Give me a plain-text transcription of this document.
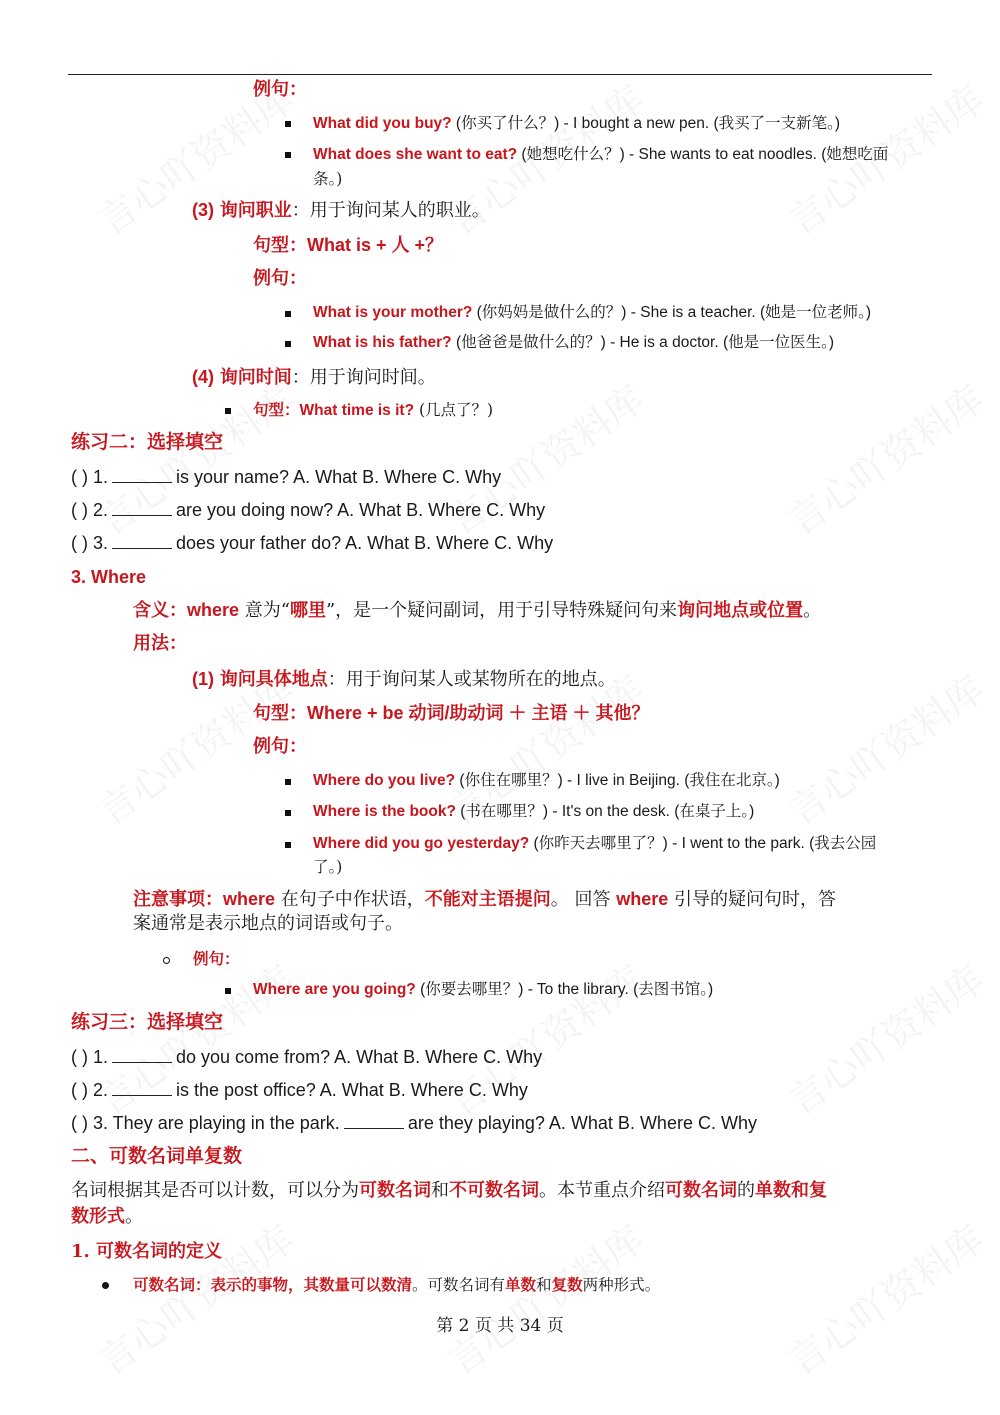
例句：
What did you buy? (你买了什么？) - I bought a new pen. (我买了一支新笔。)
What does she want to eat? (她想吃什么？) - She wants to eat noodles. (她想吃面
条。)
(3) 询问职业：用于询问某人的职业。
句型：What is + 人 +？
例句：
What is your mother? (你妈妈是做什么的？) - She is a teacher. (她是一位老师。)
What is his father? (他爸爸是做什么的？) - He is a doctor. (他是一位医生。)
(4) 询问时间：用于询问时间。
句型：What time is it? (几点了？)
练习二：选择填空
( ) 1.	is your name? A. What B. Where C. Why
( ) 2.	are you doing now? A. What B. Where C. Why
( ) 3.	does your father do? A. What B. Where C. Why
3. Where
含义：where 意为“哪里”，是一个疑问副词，用于引导特殊疑问句来询问地点或位置。
用法：
(1) 询问具体地点：用于询问某人或某物所在的地点。
句型：Where + be 动词/助动词 ＋ 主语 ＋ 其他？
例句：
Where do you live? (你住在哪里？) - I live in Beijing. (我住在北京。)
Where is the book? (书在哪里？) - It's on the desk. (在桌子上。)
Where did you go yesterday? (你昨天去哪里了？) - I went to the park. (我去公园
了。)
注意事项：where 在句子中作状语，不能对主语提问。 回答 where 引导的疑问句时，答
案通常是表示地点的词语或句子。
例句：
Where are you going? (你要去哪里？) - To the library. (去图书馆。)
练习三：选择填空
( ) 1.	do you come from? A. What B. Where C. Why
( ) 2.	is the post office? A. What B. Where C. Why
( ) 3. They are playing in the park.	are they playing? A. What B. Where C. Why
二、可数名词单复数
名词根据其是否可以计数，可以分为可数名词和不可数名词。本节重点介绍可数名词的单数和复
数形式。
1. 可数名词的定义
可数名词：表示的事物，其数量可以数清。可数名词有单数和复数两种形式。
第 2 页 共 34 页
